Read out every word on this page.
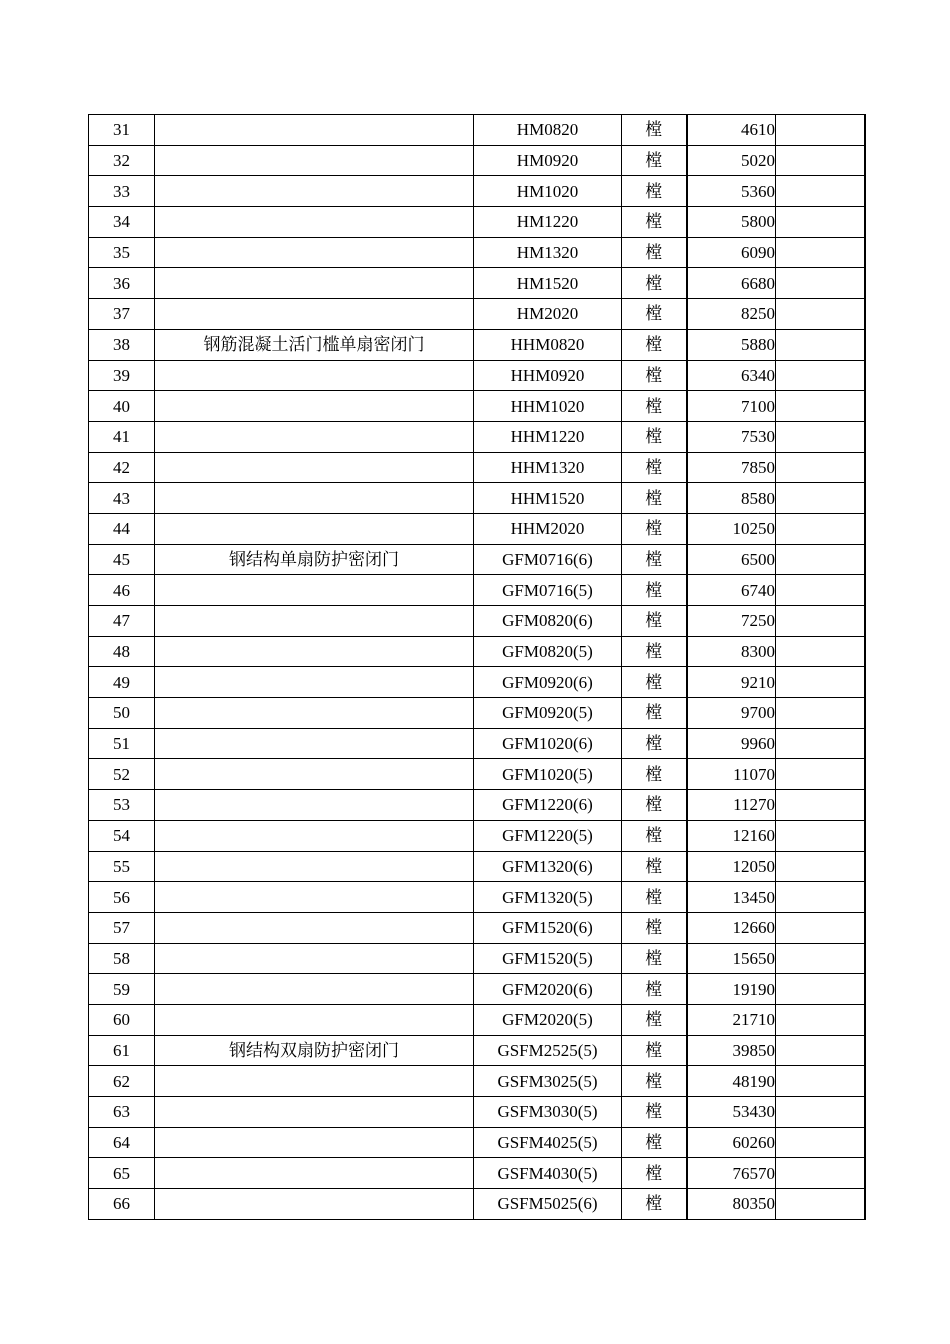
31		HM0820	樘	4610	
32		HM0920	樘	5020	
33		HM1020	樘	5360	
34		HM1220	樘	5800	
35		HM1320	樘	6090	
36		HM1520	樘	6680	
37		HM2020	樘	8250	
38	钢筋混凝土活门槛单扇密闭门	HHM0820	樘	5880	
39		HHM0920	樘	6340	
40		HHM1020	樘	7100	
41		HHM1220	樘	7530	
42		HHM1320	樘	7850	
43		HHM1520	樘	8580	
44		HHM2020	樘	10250	
45	钢结构单扇防护密闭门	GFM0716(6)	樘	6500	
46		GFM0716(5)	樘	6740	
47		GFM0820(6)	樘	7250	
48		GFM0820(5)	樘	8300	
49		GFM0920(6)	樘	9210	
50		GFM0920(5)	樘	9700	
51		GFM1020(6)	樘	9960	
52		GFM1020(5)	樘	11070	
53		GFM1220(6)	樘	11270	
54		GFM1220(5)	樘	12160	
55		GFM1320(6)	樘	12050	
56		GFM1320(5)	樘	13450	
57		GFM1520(6)	樘	12660	
58		GFM1520(5)	樘	15650	
59		GFM2020(6)	樘	19190	
60		GFM2020(5)	樘	21710	
61	钢结构双扇防护密闭门	GSFM2525(5)	樘	39850	
62		GSFM3025(5)	樘	48190	
63		GSFM3030(5)	樘	53430	
64		GSFM4025(5)	樘	60260	
65		GSFM4030(5)	樘	76570	
66		GSFM5025(6)	樘	80350	
